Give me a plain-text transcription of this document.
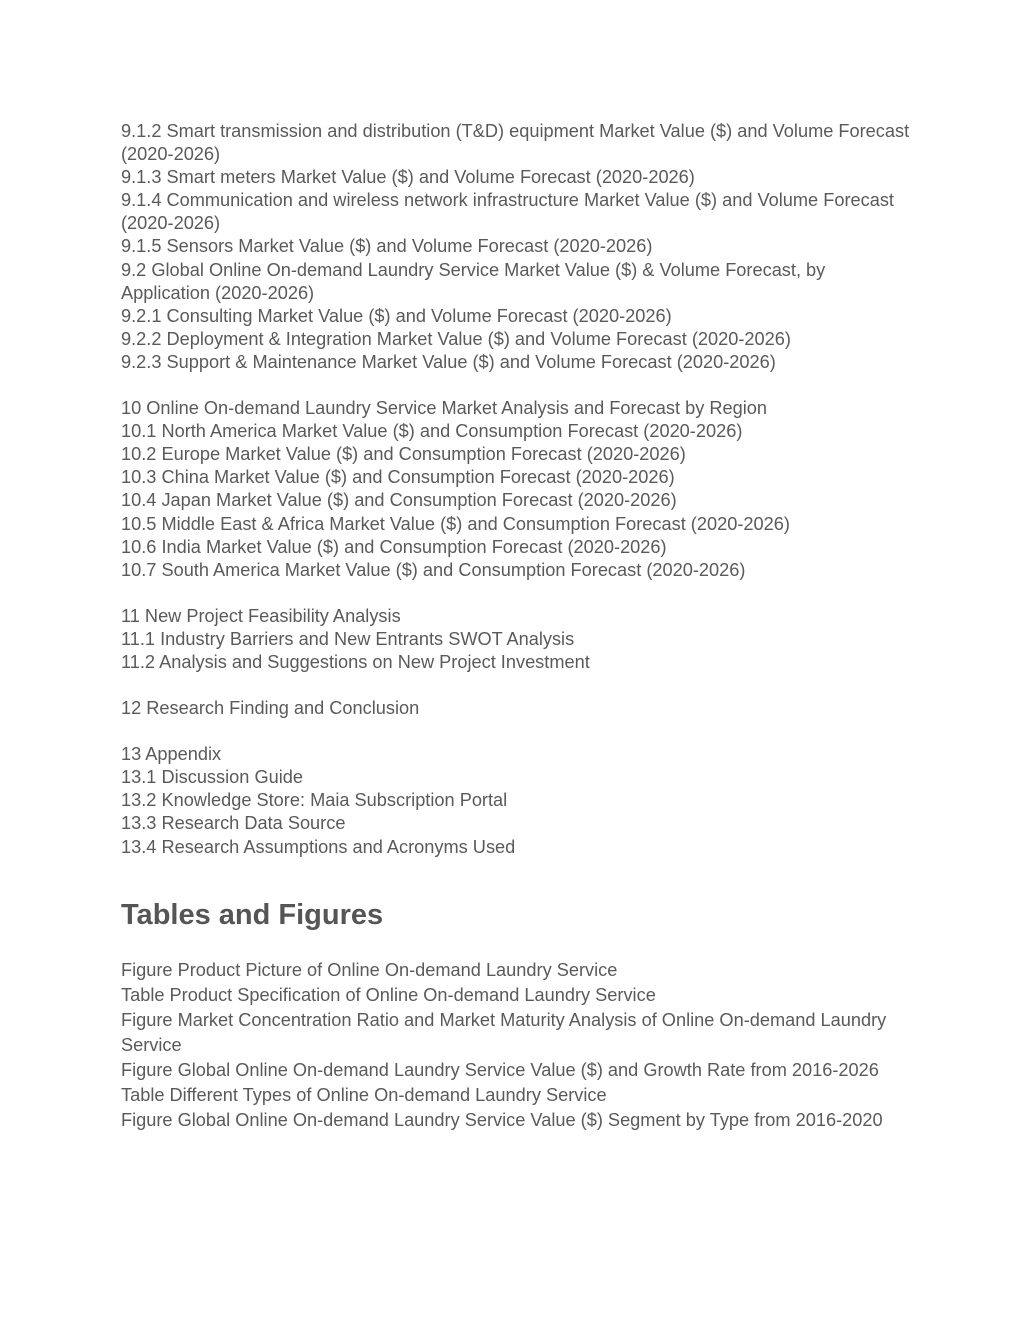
9.1.2 Smart transmission and distribution (T&D) equipment Market Value ($) and Volume Forecast (2020-2026)

9.1.3 Smart meters Market Value ($) and Volume Forecast (2020-2026)

9.1.4 Communication and wireless network infrastructure Market Value ($) and Volume Forecast (2020-2026)

9.1.5 Sensors Market Value ($) and Volume Forecast (2020-2026)

9.2 Global Online On-demand Laundry Service Market Value ($) & Volume Forecast, by Application (2020-2026)

9.2.1 Consulting Market Value ($) and Volume Forecast (2020-2026)

9.2.2 Deployment & Integration Market Value ($) and Volume Forecast (2020-2026)

9.2.3 Support & Maintenance Market Value ($) and Volume Forecast (2020-2026)

10 Online On-demand Laundry Service Market Analysis and Forecast by Region

10.1 North America Market Value ($) and Consumption Forecast (2020-2026)

10.2 Europe Market Value ($) and Consumption Forecast (2020-2026)

10.3 China Market Value ($) and Consumption Forecast (2020-2026)

10.4 Japan Market Value ($) and Consumption Forecast (2020-2026)

10.5 Middle East & Africa Market Value ($) and Consumption Forecast (2020-2026)

10.6 India Market Value ($) and Consumption Forecast (2020-2026)

10.7 South America Market Value ($) and Consumption Forecast (2020-2026)

11 New Project Feasibility Analysis

11.1 Industry Barriers and New Entrants SWOT Analysis

11.2 Analysis and Suggestions on New Project Investment

12 Research Finding and Conclusion

13 Appendix

13.1 Discussion Guide

13.2 Knowledge Store: Maia Subscription Portal

13.3 Research Data Source

13.4 Research Assumptions and Acronyms Used

Tables and Figures

Figure Product Picture of Online On-demand Laundry Service

Table Product Specification of Online On-demand Laundry Service

Figure Market Concentration Ratio and Market Maturity Analysis of Online On-demand Laundry Service

Figure Global Online On-demand Laundry Service Value ($) and Growth Rate from 2016-2026

Table Different Types of Online On-demand Laundry Service

Figure Global Online On-demand Laundry Service Value ($) Segment by Type from 2016-2020
